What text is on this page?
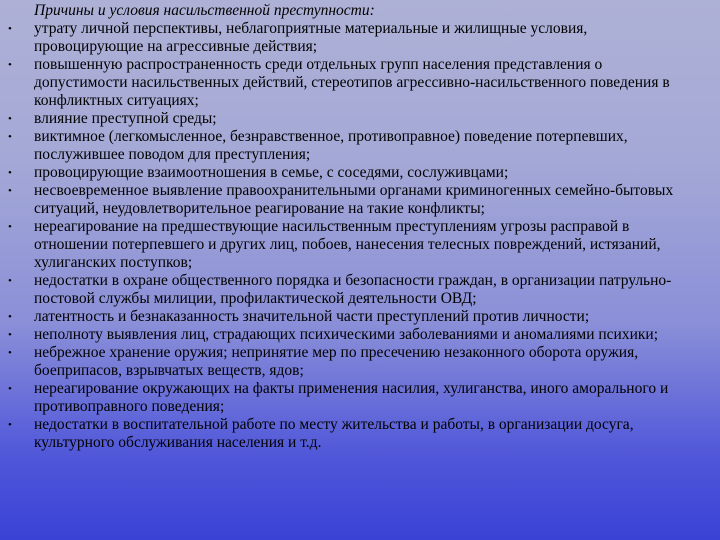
Причины и условия насильственной преступности:
• утрату личной перспективы, неблагоприятные материальные и жилищные условия, провоцирующие на агрессивные действия;
• повышенную распространенность среди отдельных групп населения представления о допустимости насильственных действий, стереотипов агрессивно-насильственного поведения в конфликтных ситуациях;
• влияние преступной среды;
• виктимное (легкомысленное, безнравственное, противоправное) поведение потерпевших, послужившее поводом для преступления;
• провоцирующие взаимоотношения в семье, с соседями, сослуживцами;
• несвоевременное выявление правоохранительными органами криминогенных семейно-бытовых ситуаций, неудовлетворительное реагирование на такие конфликты;
• нереагирование на предшествующие насильственным преступлениям угрозы расправой в отношении потерпевшего и других лиц, побоев, нанесения телесных повреждений, истязаний, хулиганских поступков;
• недостатки в охране общественного порядка и безопасности граждан, в организации патрульно-постовой службы милиции, профилактической деятельности ОВД;
• латентность и безнаказанность значительной части преступлений против личности;
• неполноту выявления лиц, страдающих психическими заболеваниями и аномалиями психики;
• небрежное хранение оружия; непринятие мер по пресечению незаконного оборота оружия, боеприпасов, взрывчатых веществ, ядов;
• нереагирование окружающих на факты применения насилия, хулиганства, иного аморального и противоправного поведения;
• недостатки в воспитательной работе по месту жительства и работы, в организации досуга, культурного обслуживания населения и т.д.
